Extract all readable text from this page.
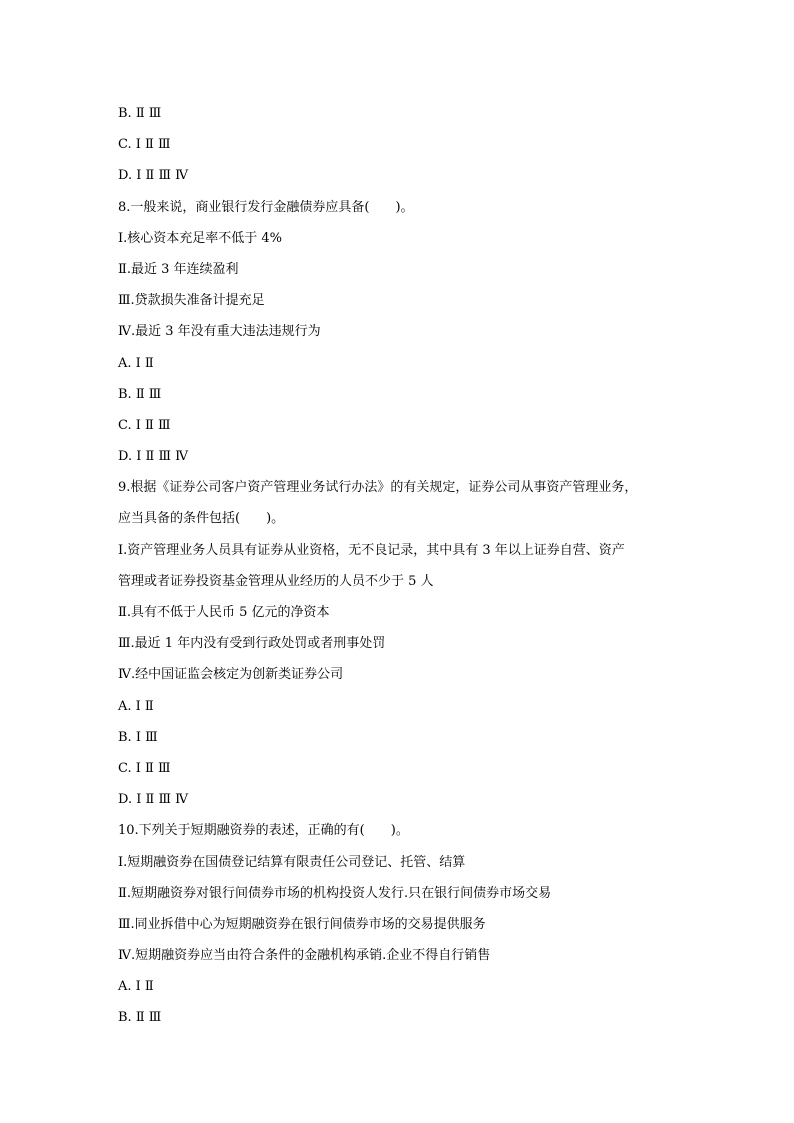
B. Ⅱ Ⅲ
C. Ⅰ Ⅱ Ⅲ
D. Ⅰ Ⅱ Ⅲ Ⅳ
8.一般来说，商业银行发行金融债券应具备(　　)。
Ⅰ.核心资本充足率不低于 4%
Ⅱ.最近 3 年连续盈利
Ⅲ.贷款损失准备计提充足
Ⅳ.最近 3 年没有重大违法违规行为
A. Ⅰ Ⅱ
B. Ⅱ Ⅲ
C. Ⅰ Ⅱ Ⅲ
D. Ⅰ Ⅱ Ⅲ Ⅳ
9.根据《证券公司客户资产管理业务试行办法》的有关规定，证券公司从事资产管理业务，
应当具备的条件包括(　　)。
Ⅰ.资产管理业务人员具有证券从业资格，无不良记录，其中具有 3 年以上证券自营、资产
管理或者证券投资基金管理从业经历的人员不少于 5 人
Ⅱ.具有不低于人民币 5 亿元的净资本
Ⅲ.最近 1 年内没有受到行政处罚或者刑事处罚
Ⅳ.经中国证监会核定为创新类证券公司
A. Ⅰ Ⅱ
B. Ⅰ Ⅲ
C. Ⅰ Ⅱ Ⅲ
D. Ⅰ Ⅱ Ⅲ Ⅳ
10.下列关于短期融资券的表述，正确的有(　　)。
Ⅰ.短期融资券在国债登记结算有限责任公司登记、托管、结算
Ⅱ.短期融资券对银行间债券市场的机构投资人发行.只在银行间债券市场交易
Ⅲ.同业拆借中心为短期融资券在银行间债券市场的交易提供服务
Ⅳ.短期融资券应当由符合条件的金融机构承销.企业不得自行销售
A. Ⅰ Ⅱ
B. Ⅱ Ⅲ
